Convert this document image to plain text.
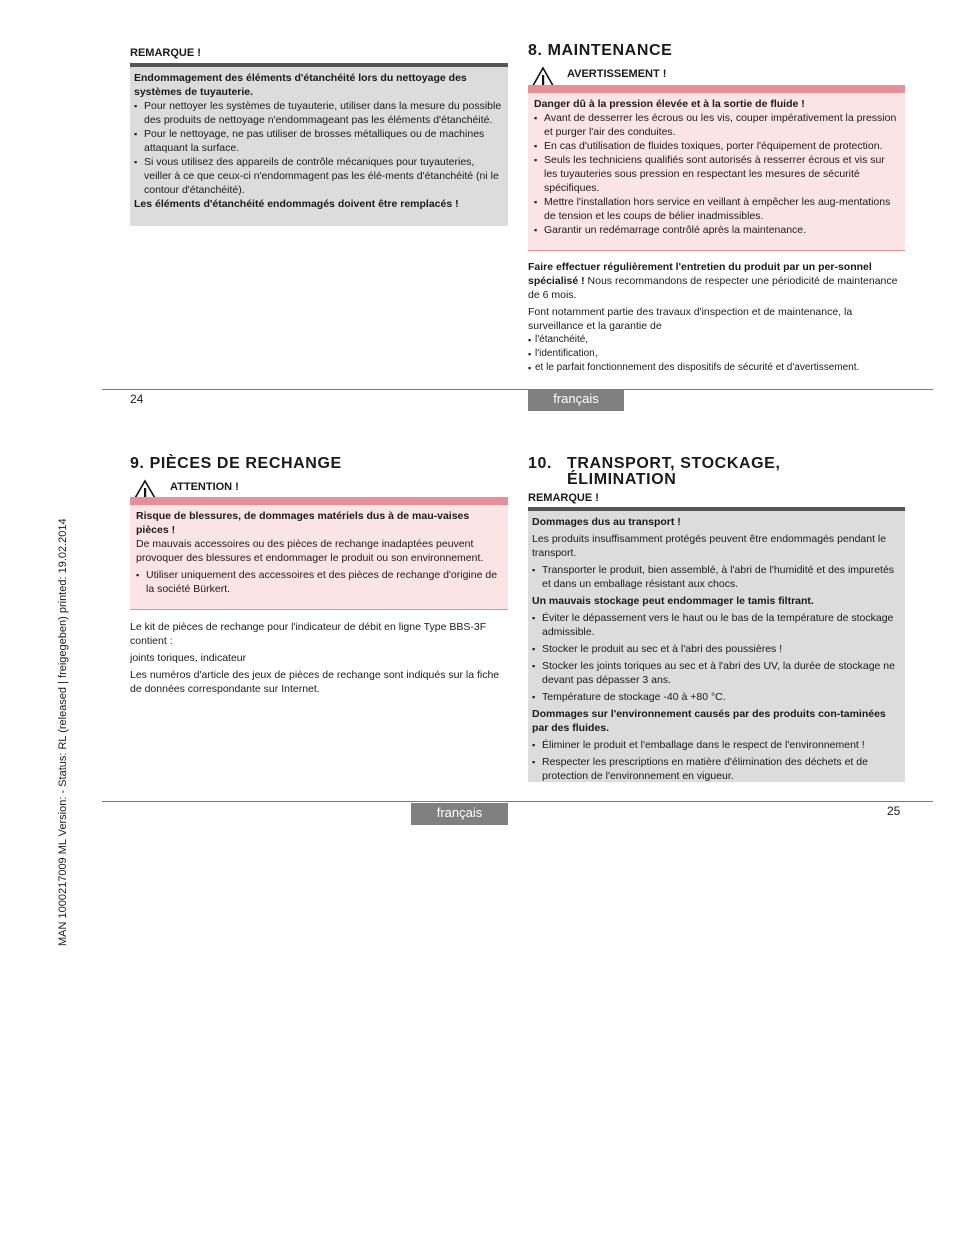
REMARQUE !

Endommagement des éléments d'étanchéité lors du nettoyage des systèmes de tuyauterie.

▪ Pour nettoyer les systèmes de tuyauterie, utiliser dans la mesure du possible des produits de nettoyage n'endommageant pas les éléments d'étanchéité.
▪ Pour le nettoyage, ne pas utiliser de brosses métalliques ou de machines attaquant la surface.
▪ Si vous utilisez des appareils de contrôle mécaniques pour tuyauteries, veiller à ce que ceux-ci n'endommagent pas les élé-ments d'étanchéité (ni le contour d'étanchéité).

Les éléments d'étanchéité endommagés doivent être remplacés !

8. MAINTENANCE
AVERTISSEMENT !

Danger dû à la pression élevée et à la sortie de fluide !

▪ Avant de desserrer les écrous ou les vis, couper impérativement la pression et purger l'air des conduites.
▪ En cas d'utilisation de fluides toxiques, porter l'équipement de protection.
▪ Seuls les techniciens qualifiés sont autorisés à resserrer écrous et vis sur les tuyauteries sous pression en respectant les mesures de sécurité spécifiques.
▪ Mettre l'installation hors service en veillant à empêcher les aug-mentations de tension et les coups de bélier inadmissibles.
▪ Garantir un redémarrage contrôlé après la maintenance.

Faire effectuer régulièrement l'entretien du produit par un per-sonnel spécialisé ! Nous recommandons de respecter une périodicité de maintenance de 6 mois.

Font notamment partie des travaux d'inspection et de maintenance, la surveillance et la garantie de

▪ l'étanchéité,
▪ l'identification,
▪ et le parfait fonctionnement des dispositifs de sécurité et d'avertissement.
24	français
9. PIÈCES DE RECHANGE
ATTENTION !

Risque de blessures, de dommages matériels dus à de mau-vaises pièces !

De mauvais accessoires ou des pièces de rechange inadaptées peuvent provoquer des blessures et endommager le produit ou son environnement.

▪ Utiliser uniquement des accessoires et des pièces de rechange d'origine de la société Bürkert.

Le kit de pièces de rechange pour l'indicateur de débit en ligne Type BBS-3F contient :

joints toriques, indicateur

Les numéros d'article des jeux de pièces de rechange sont indiqués sur la fiche de données correspondante sur Internet.

10. TRANSPORT, STOCKAGE,
ÉLIMINATION
REMARQUE !

Dommages dus au transport !

Les produits insuffisamment protégés peuvent être endommagés pendant le transport.

▪ Transporter le produit, bien assemblé, à l'abri de l'humidité et des impuretés et dans un emballage résistant aux chocs.

Un mauvais stockage peut endommager le tamis filtrant.

▪ Éviter le dépassement vers le haut ou le bas de la température de stockage admissible.
▪ Stocker le produit au sec et à l'abri des poussières !
▪ Stocker les joints toriques au sec et à l'abri des UV, la durée de stockage ne devant pas dépasser 3 ans.
▪ Température de stockage -40 à +80 °C.

Dommages sur l'environnement causés par des produits con-taminées par des fluides.

▪ Éliminer le produit et l'emballage dans le respect de l'environnement !
▪ Respecter les prescriptions en matière d'élimination des déchets et de protection de l'environnement en vigueur.
français	25
MAN 1000217009 ML Version: - Status: RL (released | freigegeben) printed: 19.02.2014
